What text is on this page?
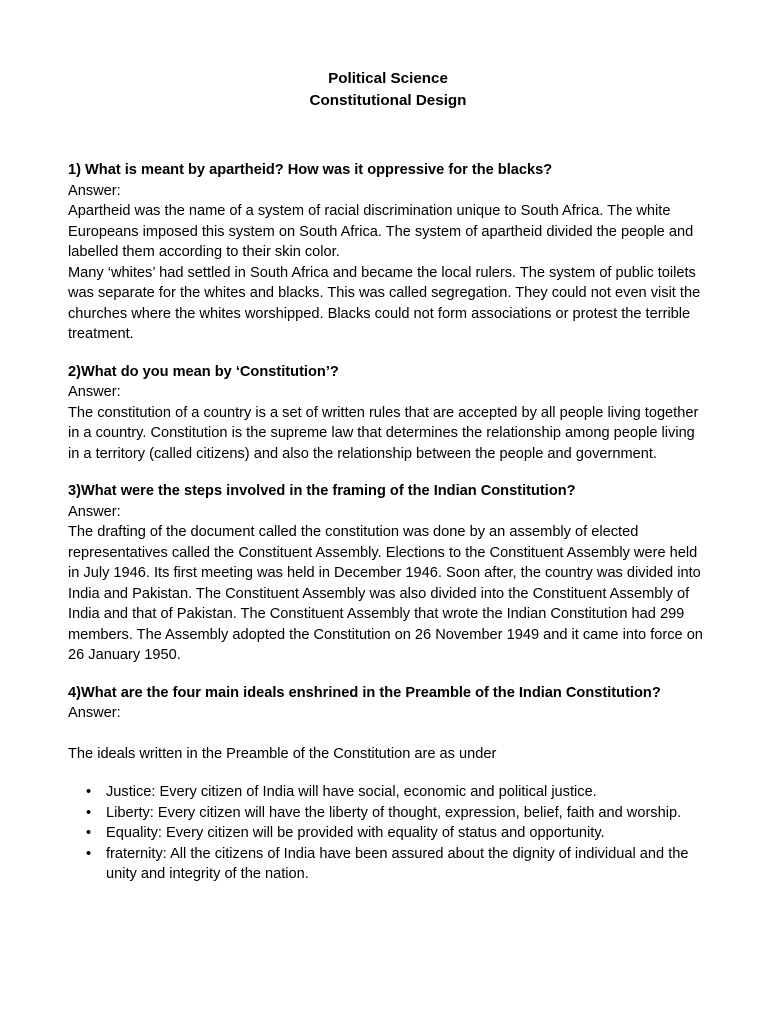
Political Science
Constitutional Design

1) What is meant by apartheid? How was it oppressive for the blacks?

Answer:

Apartheid was the name of a system of racial discrimination unique to South Africa. The white Europeans imposed this system on South Africa. The system of apartheid divided the people and labelled them according to their skin color.

Many ‘whites’ had settled in South Africa and became the local rulers. The system of public toilets was separate for the whites and blacks. This was called segregation. They could not even visit the churches where the whites worshipped. Blacks could not form associations or protest the terrible treatment.

2)What do you mean by ‘Constitution’?

Answer:

The constitution of a country is a set of written rules that are accepted by all people living together in a country. Constitution is the supreme law that determines the relationship among people living in a territory (called citizens) and also the relationship between the people and government.

3)What were the steps involved in the framing of the Indian Constitution?

Answer:

The drafting of the document called the constitution was done by an assembly of elected representatives called the Constituent Assembly. Elections to the Constituent Assembly were held in July 1946. Its first meeting was held in December 1946. Soon after, the country was divided into India and Pakistan. The Constituent Assembly was also divided into the Constituent Assembly of India and that of Pakistan. The Constituent Assembly that wrote the Indian Constitution had 299 members. The Assembly adopted the Constitution on 26 November 1949 and it came into force on 26 January 1950.

4)What are the four main ideals enshrined in the Preamble of the Indian Constitution?

Answer:

The ideals written in the Preamble of the Constitution are as under

• Justice: Every citizen of India will have social, economic and political justice.
• Liberty: Every citizen will have the liberty of thought, expression, belief, faith and worship.
• Equality: Every citizen will be provided with equality of status and opportunity.
• fraternity: All the citizens of India have been assured about the dignity of individual and the unity and integrity of the nation.
